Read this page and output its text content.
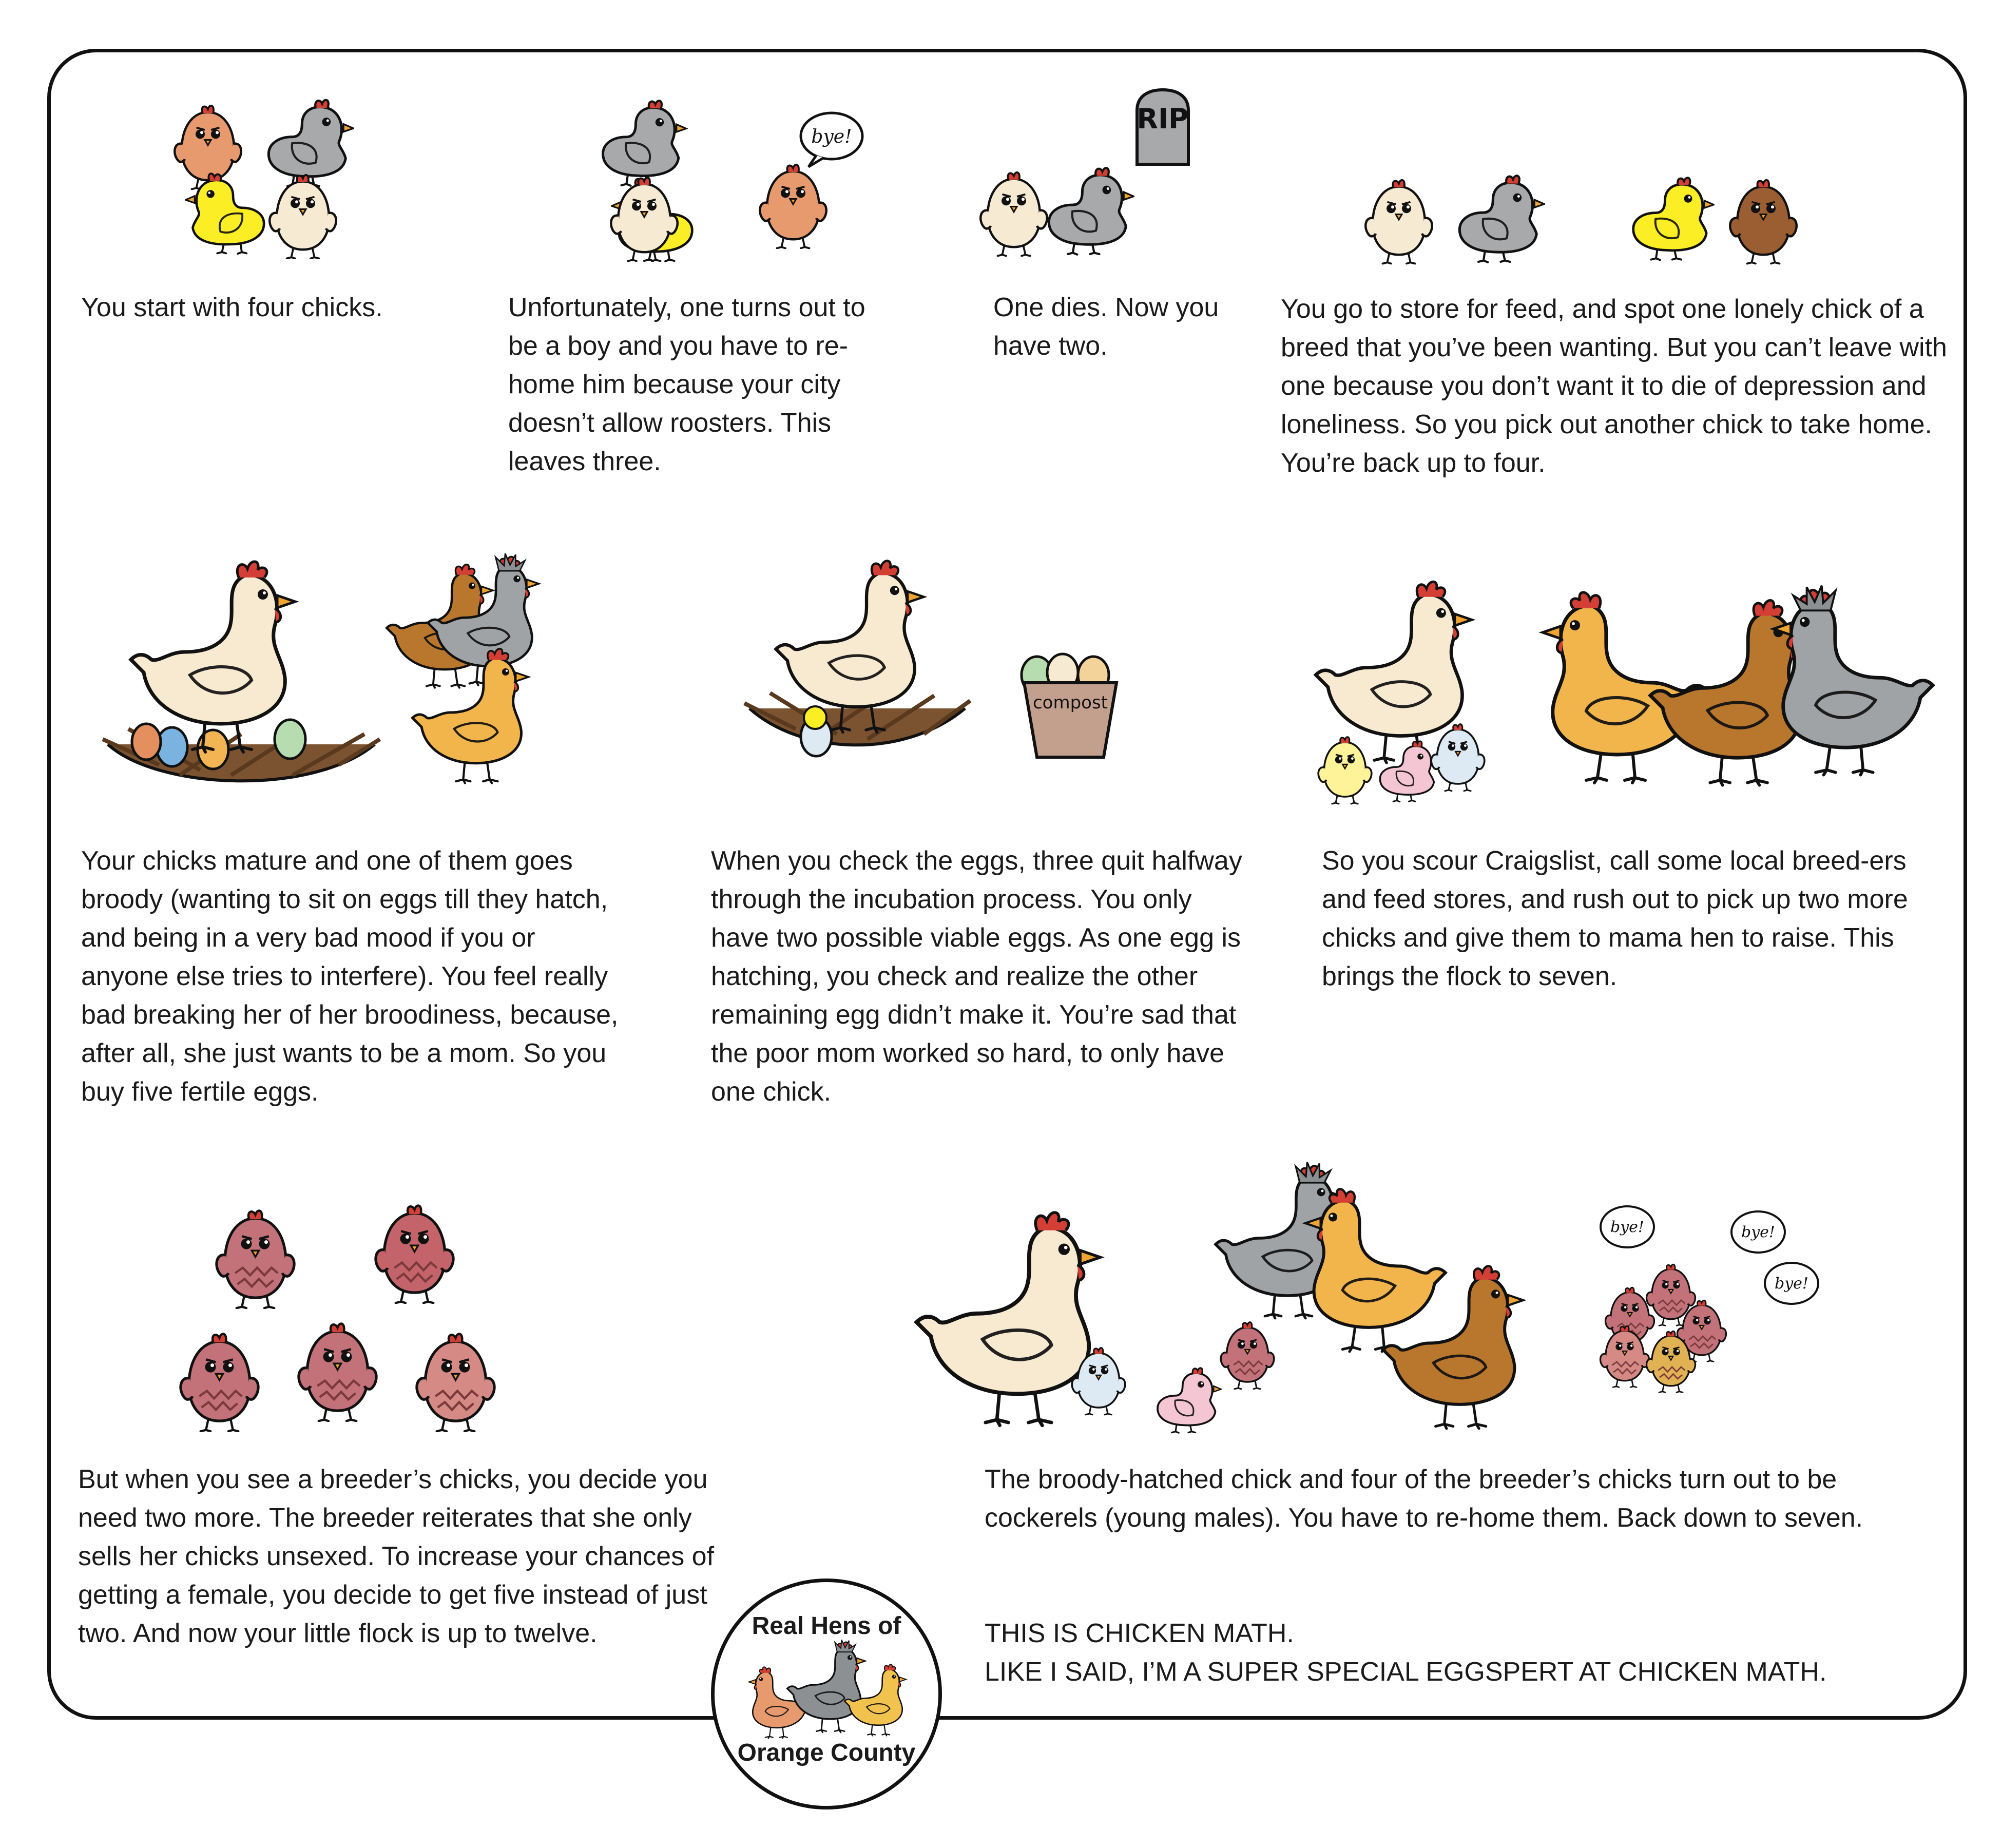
You start with four chicks.

bye!

Unfortunately, one turns out to be a boy and you have to re-home him because your city doesn’t allow roosters. This leaves three.

RIP

One dies. Now you have two.

You go to store for feed, and spot one lonely chick of a breed that you’ve been wanting. But you can’t leave with one because you don’t want it to die of depression and loneliness. So you pick out another chick to take home. You’re back up to four.

Your chicks mature and one of them goes broody (wanting to sit on eggs till they hatch, and being in a very bad mood if you or anyone else tries to interfere). You feel really bad breaking her of her broodiness, because, after all, she just wants to be a mom. So you buy five fertile eggs.

compost

When you check the eggs, three quit halfway through the incubation process. You only have two possible viable eggs. As one egg is hatching, you check and realize the other remaining egg didn’t make it. You’re sad that the poor mom worked so hard, to only have one chick.

So you scour Craigslist, call some local breed-ers and feed stores, and rush out to pick up two more chicks and give them to mama hen to raise. This brings the flock to seven.

But when you see a breeder’s chicks, you decide you need two more. The breeder reiterates that she only sells her chicks unsexed. To increase your chances of getting a female, you decide to get five instead of just two. And now your little flock is up to twelve.

bye!	bye!
bye!

The broody-hatched chick and four of the breeder’s chicks turn out to be cockerels (young males). You have to re-home them. Back down to seven.

THIS IS CHICKEN MATH.

LIKE I SAID, I’M A SUPER SPECIAL EGGSPERT AT CHICKEN MATH.

Real Hens of
Orange County
